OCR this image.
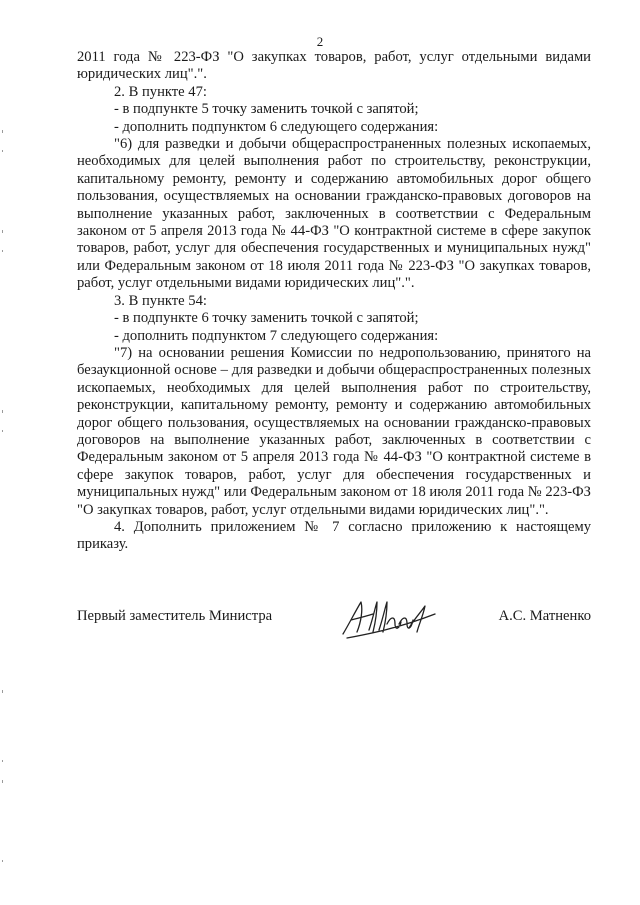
2

2011 года № 223-ФЗ "О закупках товаров, работ, услуг отдельными видами юридических лиц".".

2. В пункте 47:

- в подпункте 5 точку заменить точкой с запятой;

- дополнить подпунктом 6 следующего содержания:

"6) для разведки и добычи общераспространенных полезных ископаемых, необходимых для целей выполнения работ по строительству, реконструкции, капитальному ремонту, ремонту и содержанию автомобильных дорог общего пользования, осуществляемых на основании гражданско-правовых договоров на выполнение указанных работ, заключенных в соответствии с Федеральным законом от 5 апреля 2013 года № 44-ФЗ "О контрактной системе в сфере закупок товаров, работ, услуг для обеспечения государственных и муниципальных нужд" или Федеральным законом от 18 июля 2011 года № 223-ФЗ "О закупках товаров, работ, услуг отдельными видами юридических лиц".".

3. В пункте 54:

- в подпункте 6 точку заменить точкой с запятой;

- дополнить подпунктом 7 следующего содержания:

"7) на основании решения Комиссии по недропользованию, принятого на безаукционной основе – для разведки и добычи общераспространенных полезных ископаемых, необходимых для целей выполнения работ по строительству, реконструкции, капитальному ремонту, ремонту и содержанию автомобильных дорог общего пользования, осуществляемых на основании гражданско-правовых договоров на выполнение указанных работ, заключенных в соответствии с Федеральным законом от 5 апреля 2013 года № 44-ФЗ "О контрактной системе в сфере закупок товаров, работ, услуг для обеспечения государственных и муниципальных нужд" или Федеральным законом от 18 июля 2011 года № 223-ФЗ "О закупках товаров, работ, услуг отдельными видами юридических лиц".".

4. Дополнить приложением № 7 согласно приложению к настоящему приказу.

Первый заместитель Министра	А.С. Матненко
